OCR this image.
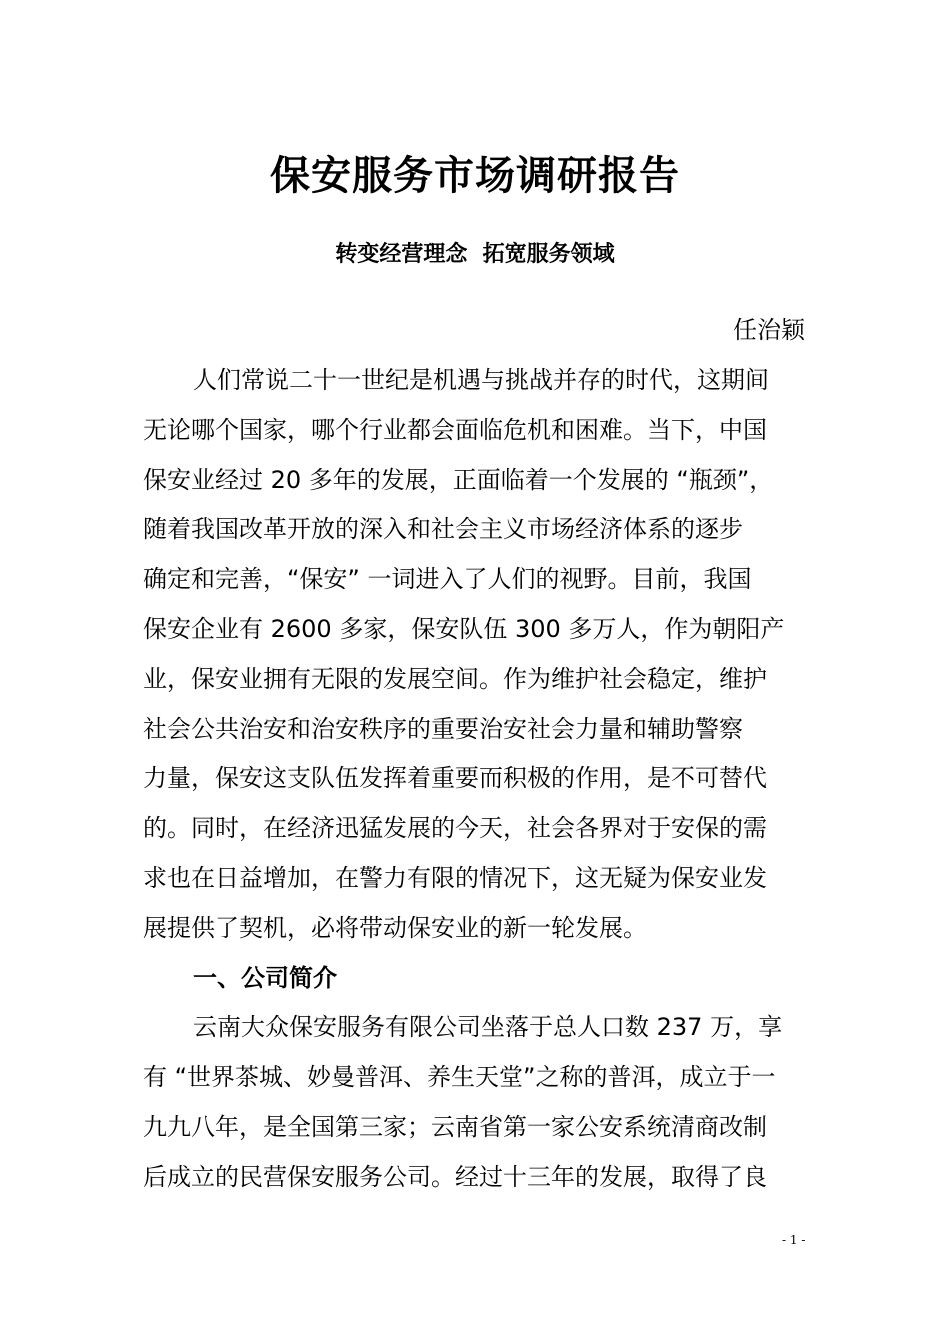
保安服务市场调研报告
转变经营理念  拓宽服务领域
任治颖
人们常说二十一世纪是机遇与挑战并存的时代，这期间
无论哪个国家，哪个行业都会面临危机和困难。当下，中国
保安业经过 20 多年的发展，正面临着一个发展的 “瓶颈”，
随着我国改革开放的深入和社会主义市场经济体系的逐步
确定和完善，“保安” 一词进入了人们的视野。目前，我国
保安企业有 2600 多家，保安队伍 300 多万人，作为朝阳产
业，保安业拥有无限的发展空间。作为维护社会稳定，维护
社会公共治安和治安秩序的重要治安社会力量和辅助警察
力量，保安这支队伍发挥着重要而积极的作用，是不可替代
的。同时，在经济迅猛发展的今天，社会各界对于安保的需
求也在日益增加，在警力有限的情况下，这无疑为保安业发
展提供了契机，必将带动保安业的新一轮发展。
一、公司简介
云南大众保安服务有限公司坐落于总人口数 237 万，享
有 “世界茶城、妙曼普洱、养生天堂”之称的普洱，成立于一
九九八年，是全国第三家；云南省第一家公安系统清商改制
后成立的民营保安服务公司。经过十三年的发展，取得了良
- 1 -
